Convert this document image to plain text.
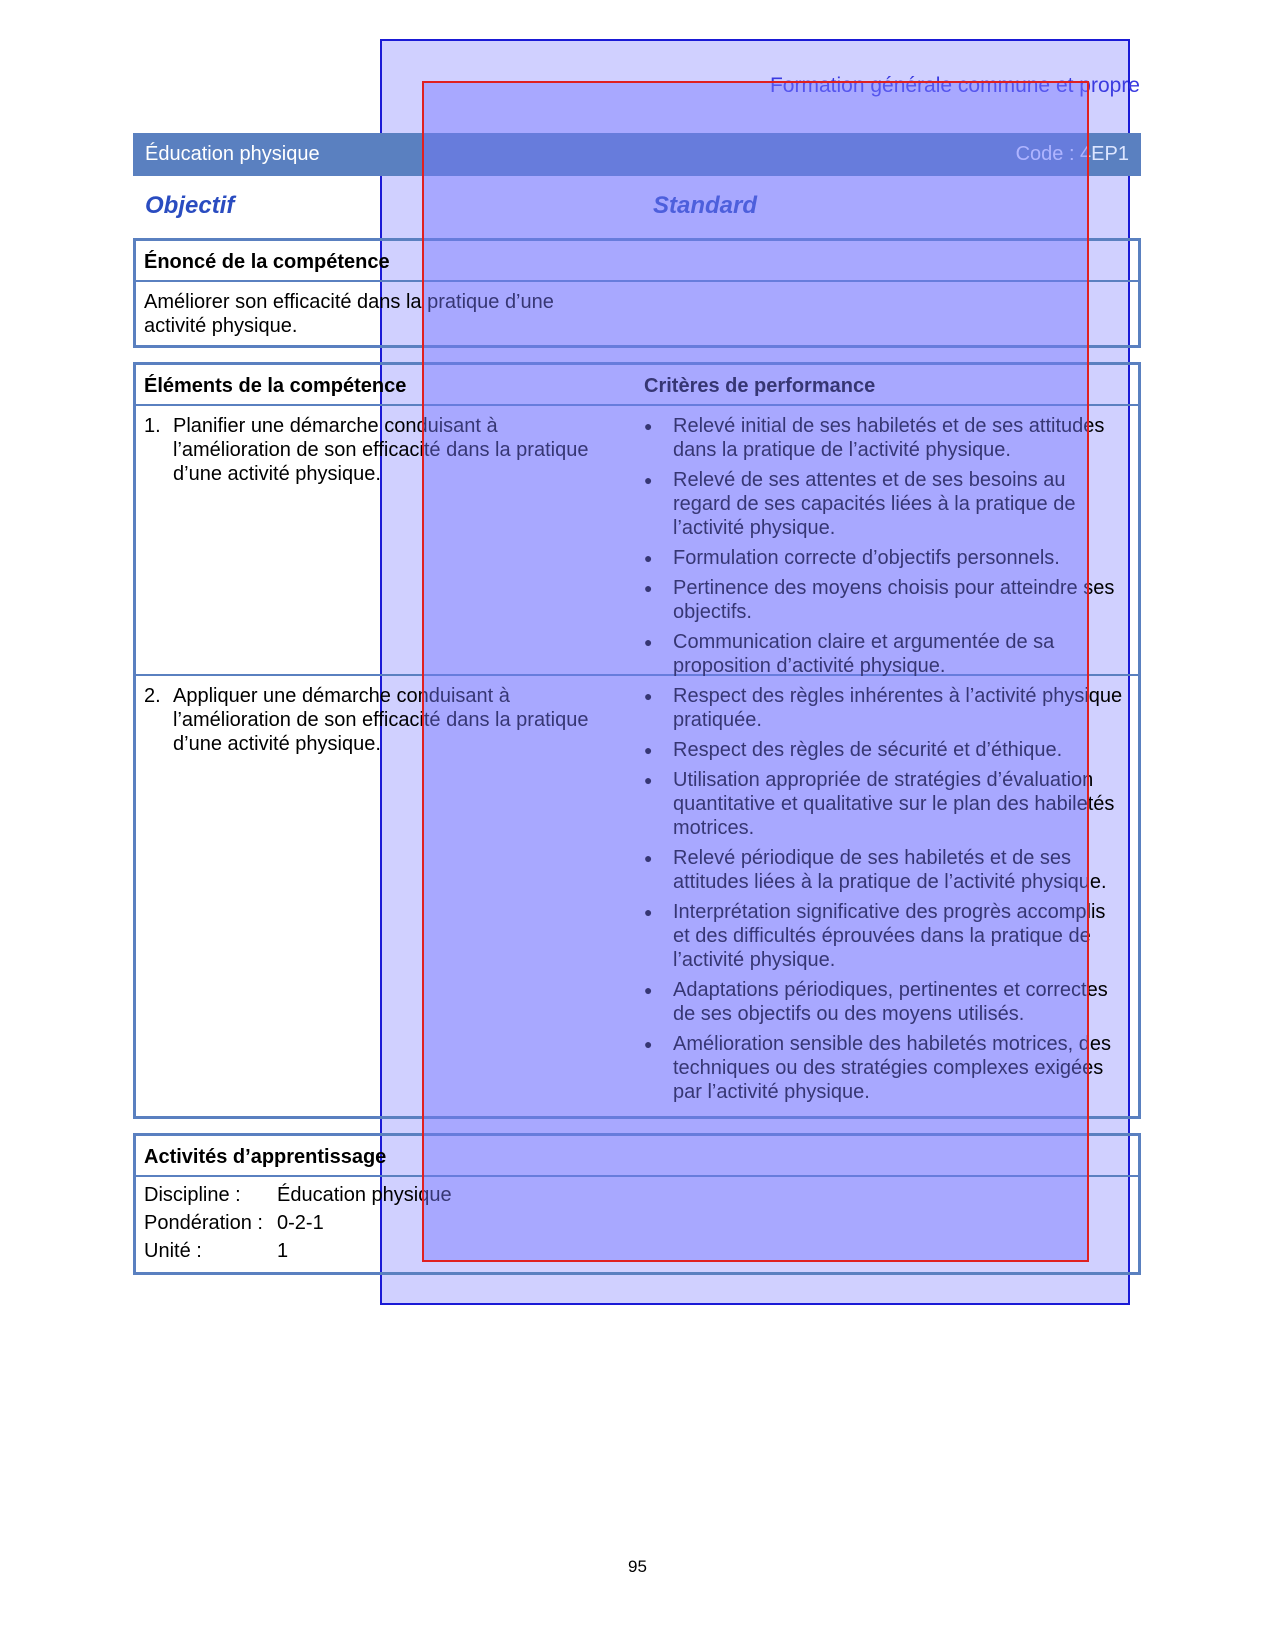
Formation générale commune et propre
Éducation physique	Code : 4EP1
Objectif	Standard
Énoncé de la compétence
Améliorer son efficacité dans la pratique d’une activité physique.
Éléments de la compétence	Critères de performance
1. Planifier une démarche conduisant à l’amélioration de son efficacité dans la pratique d’une activité physique.
●	Relevé initial de ses habiletés et de ses attitudes dans la pratique de l’activité physique.
●	Relevé de ses attentes et de ses besoins au regard de ses capacités liées à la pratique de l’activité physique.
●	Formulation correcte d’objectifs personnels.
●	Pertinence des moyens choisis pour atteindre ses objectifs.
●	Communication claire et argumentée de sa proposition d’activité physique.
2. Appliquer une démarche conduisant à l’amélioration de son efficacité dans la pratique d’une activité physique.
●	Respect des règles inhérentes à l’activité physique pratiquée.
●	Respect des règles de sécurité et d’éthique.
●	Utilisation appropriée de stratégies d’évaluation quantitative et qualitative sur le plan des habiletés motrices.
●	Relevé périodique de ses habiletés et de ses attitudes liées à la pratique de l’activité physique.
●	Interprétation significative des progrès accomplis et des difficultés éprouvées dans la pratique de l’activité physique.
●	Adaptations périodiques, pertinentes et correctes de ses objectifs ou des moyens utilisés.
●	Amélioration sensible des habiletés motrices, des techniques ou des stratégies complexes exigées par l’activité physique.
Activités d’apprentissage
Discipline :	Éducation physique
Pondération : 0-2-1
Unité :	1
95
